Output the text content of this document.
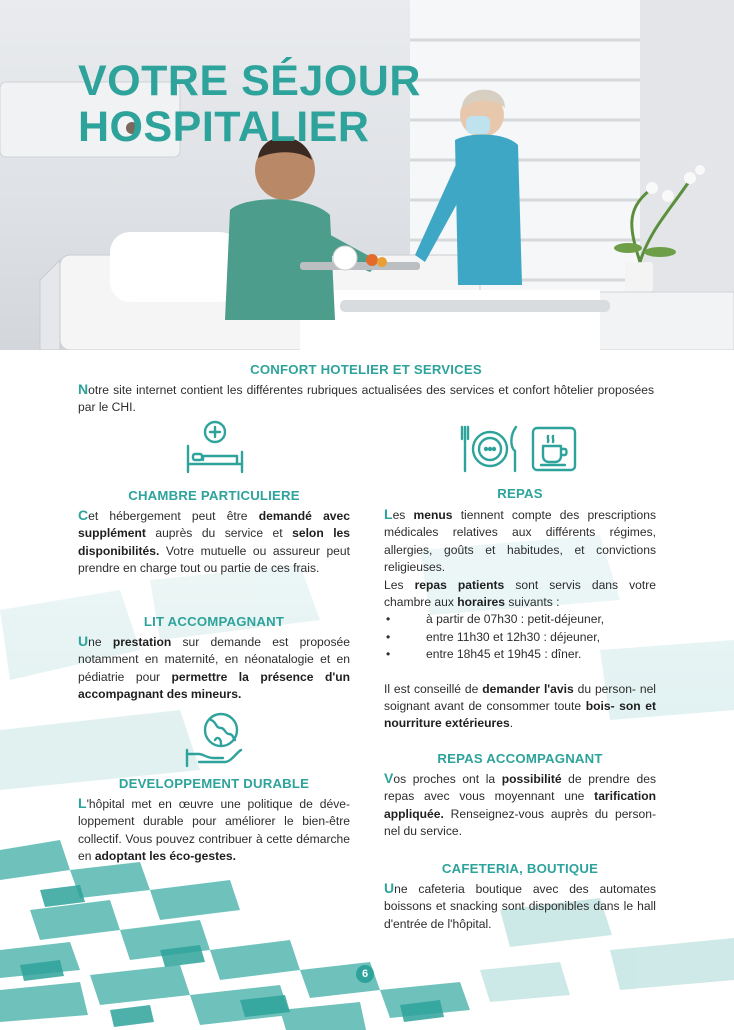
VOTRE SÉJOUR
HOSPITALIER
CONFORT HOTELIER ET SERVICES

Notre site internet contient les différentes rubriques actualisées des services et confort hôtelier proposées par le CHI.

CHAMBRE PARTICULIERE

Cet hébergement peut être demandé avec supplément auprès du service et selon les disponibilités. Votre mutuelle ou assureur peut prendre en charge tout ou partie de ces frais.

LIT ACCOMPAGNANT

Une prestation sur demande est proposée notamment en maternité, en néonatalogie et en pédiatrie pour permettre la présence d'un accompagnant des mineurs.

DEVELOPPEMENT DURABLE

L'hôpital met en œuvre une politique de déve- loppement durable pour améliorer le bien-être collectif. Vous pouvez contribuer à cette démarche en adoptant les éco-gestes.

REPAS
Les menus tiennent compte des prescriptions médicales relatives aux différents régimes, allergies, goûts et habitudes, et convictions religieuses.
Les repas patients sont servis dans votre chambre aux horaires suivants :
• à partir de 07h30 : petit-déjeuner,
• entre 11h30 et 12h30 : déjeuner,
• entre 18h45 et 19h45 : dîner.
Il est conseillé de demander l'avis du person- nel soignant avant de consommer toute bois- son et nourriture extérieures.
REPAS ACCOMPAGNANT

Vos proches ont la possibilité de prendre des repas avec vous moyennant une tarification appliquée. Renseignez-vous auprès du person- nel du service.

CAFETERIA, BOUTIQUE

Une cafeteria boutique avec des automates boissons et snacking sont disponibles dans le hall d'entrée de l'hôpital.

6
